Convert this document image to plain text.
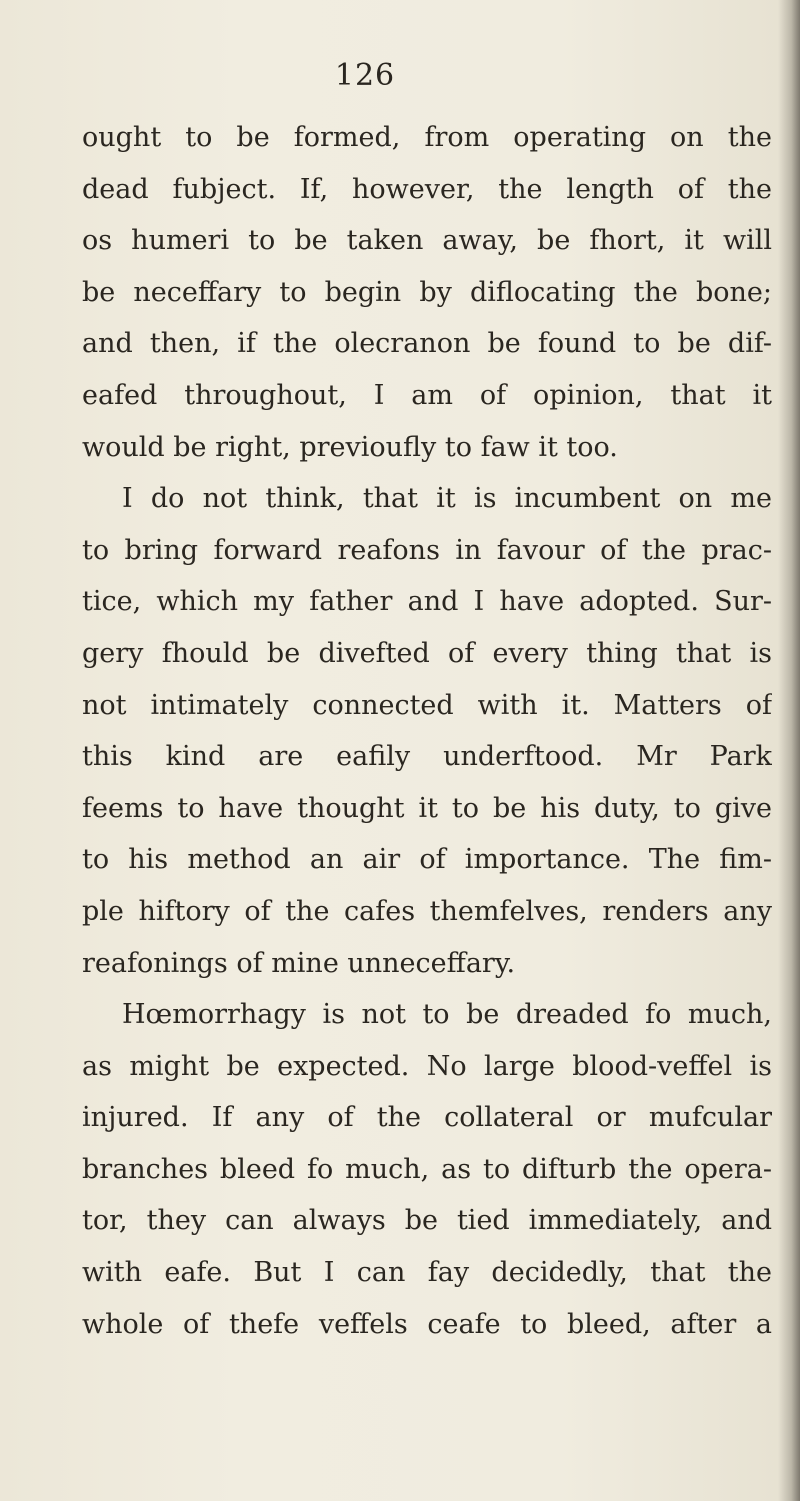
126
ought to be formed, from operating on the
dead fubject. If, however, the length of the
os humeri to be taken away, be fhort, it will
be neceffary to begin by diflocating the bone;
and then, if the olecranon be found to be dif-
eafed throughout, I am of opinion, that it
would be right, previoufly to faw it too.
I do not think, that it is incumbent on me
to bring forward reafons in favour of the prac-
tice, which my father and I have adopted. Sur-
gery fhould be divefted of every thing that is
not intimately connected with it. Matters of
this kind are eafily underftood. Mr Park
feems to have thought it to be his duty, to give
to his method an air of importance. The fim-
ple hiftory of the cafes themfelves, renders any
reafonings of mine unneceffary.
Hœmorrhagy is not to be dreaded fo much,
as might be expected. No large blood-veffel is
injured. If any of the collateral or mufcular
branches bleed fo much, as to difturb the opera-
tor, they can always be tied immediately, and
with eafe. But I can fay decidedly, that the
whole of thefe veffels ceafe to bleed, after a
